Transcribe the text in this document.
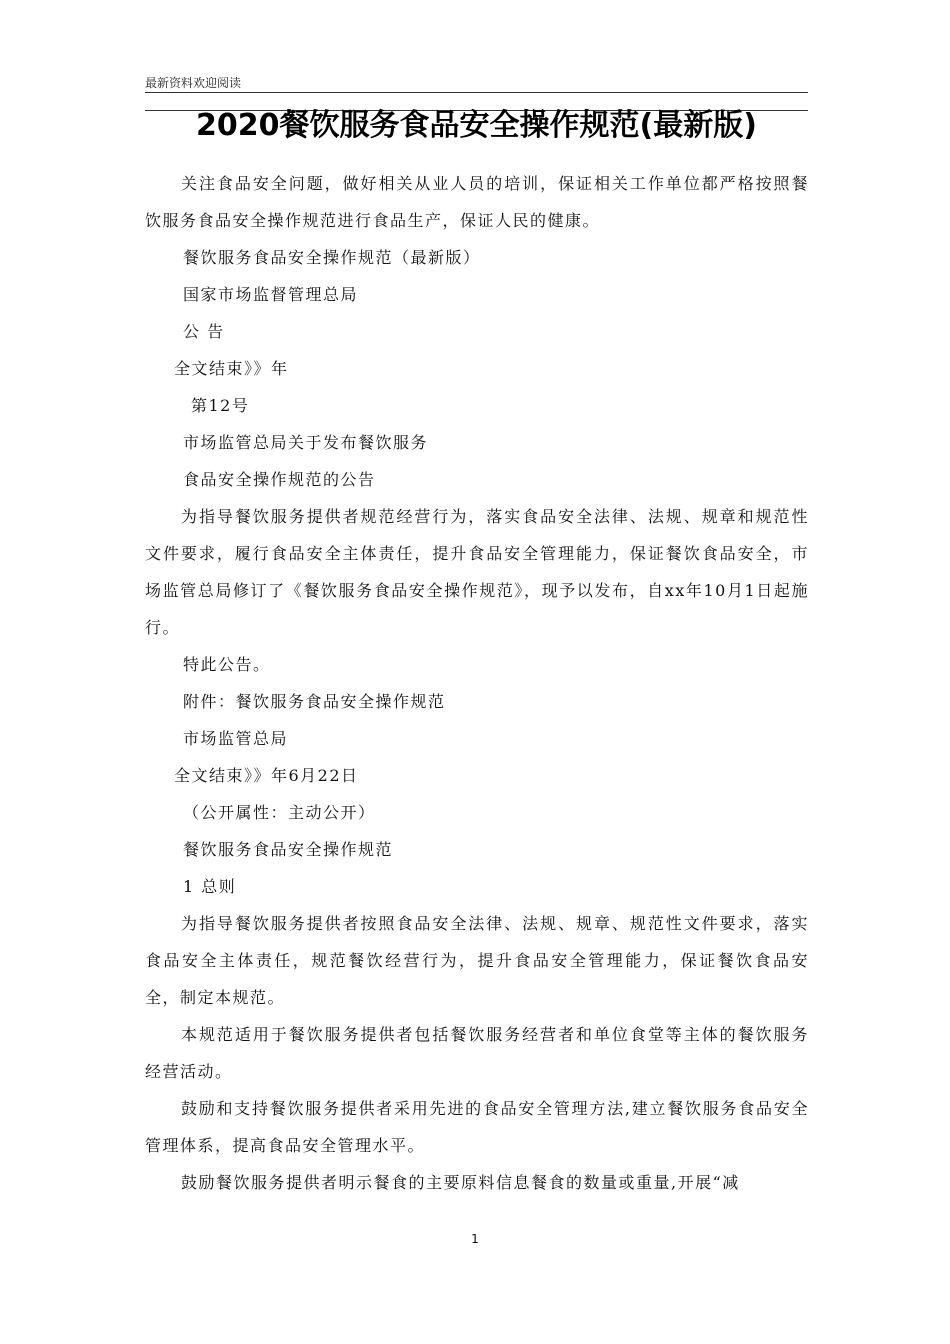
最新资料欢迎阅读
2020餐饮服务食品安全操作规范(最新版)

关注食品安全问题，做好相关从业人员的培训，保证相关工作单位都严格按照餐饮服务食品安全操作规范进行食品生产，保证人民的健康。

餐饮服务食品安全操作规范（最新版）

国家市场监督管理总局

公 告

全文结束》》年

第12号

市场监管总局关于发布餐饮服务

食品安全操作规范的公告

为指导餐饮服务提供者规范经营行为，落实食品安全法律、法规、规章和规范性文件要求，履行食品安全主体责任，提升食品安全管理能力，保证餐饮食品安全，市场监管总局修订了《餐饮服务食品安全操作规范》，现予以发布，自xx年10月1日起施行。

特此公告。

附件：餐饮服务食品安全操作规范

市场监管总局

全文结束》》年6月22日

（公开属性：主动公开）

餐饮服务食品安全操作规范

1 总则

为指导餐饮服务提供者按照食品安全法律、法规、规章、规范性文件要求，落实食品安全主体责任，规范餐饮经营行为，提升食品安全管理能力，保证餐饮食品安全，制定本规范。

本规范适用于餐饮服务提供者包括餐饮服务经营者和单位食堂等主体的餐饮服务经营活动。

鼓励和支持餐饮服务提供者采用先进的食品安全管理方法,建立餐饮服务食品安全管理体系，提高食品安全管理水平。

鼓励餐饮服务提供者明示餐食的主要原料信息餐食的数量或重量,开展“减

1
